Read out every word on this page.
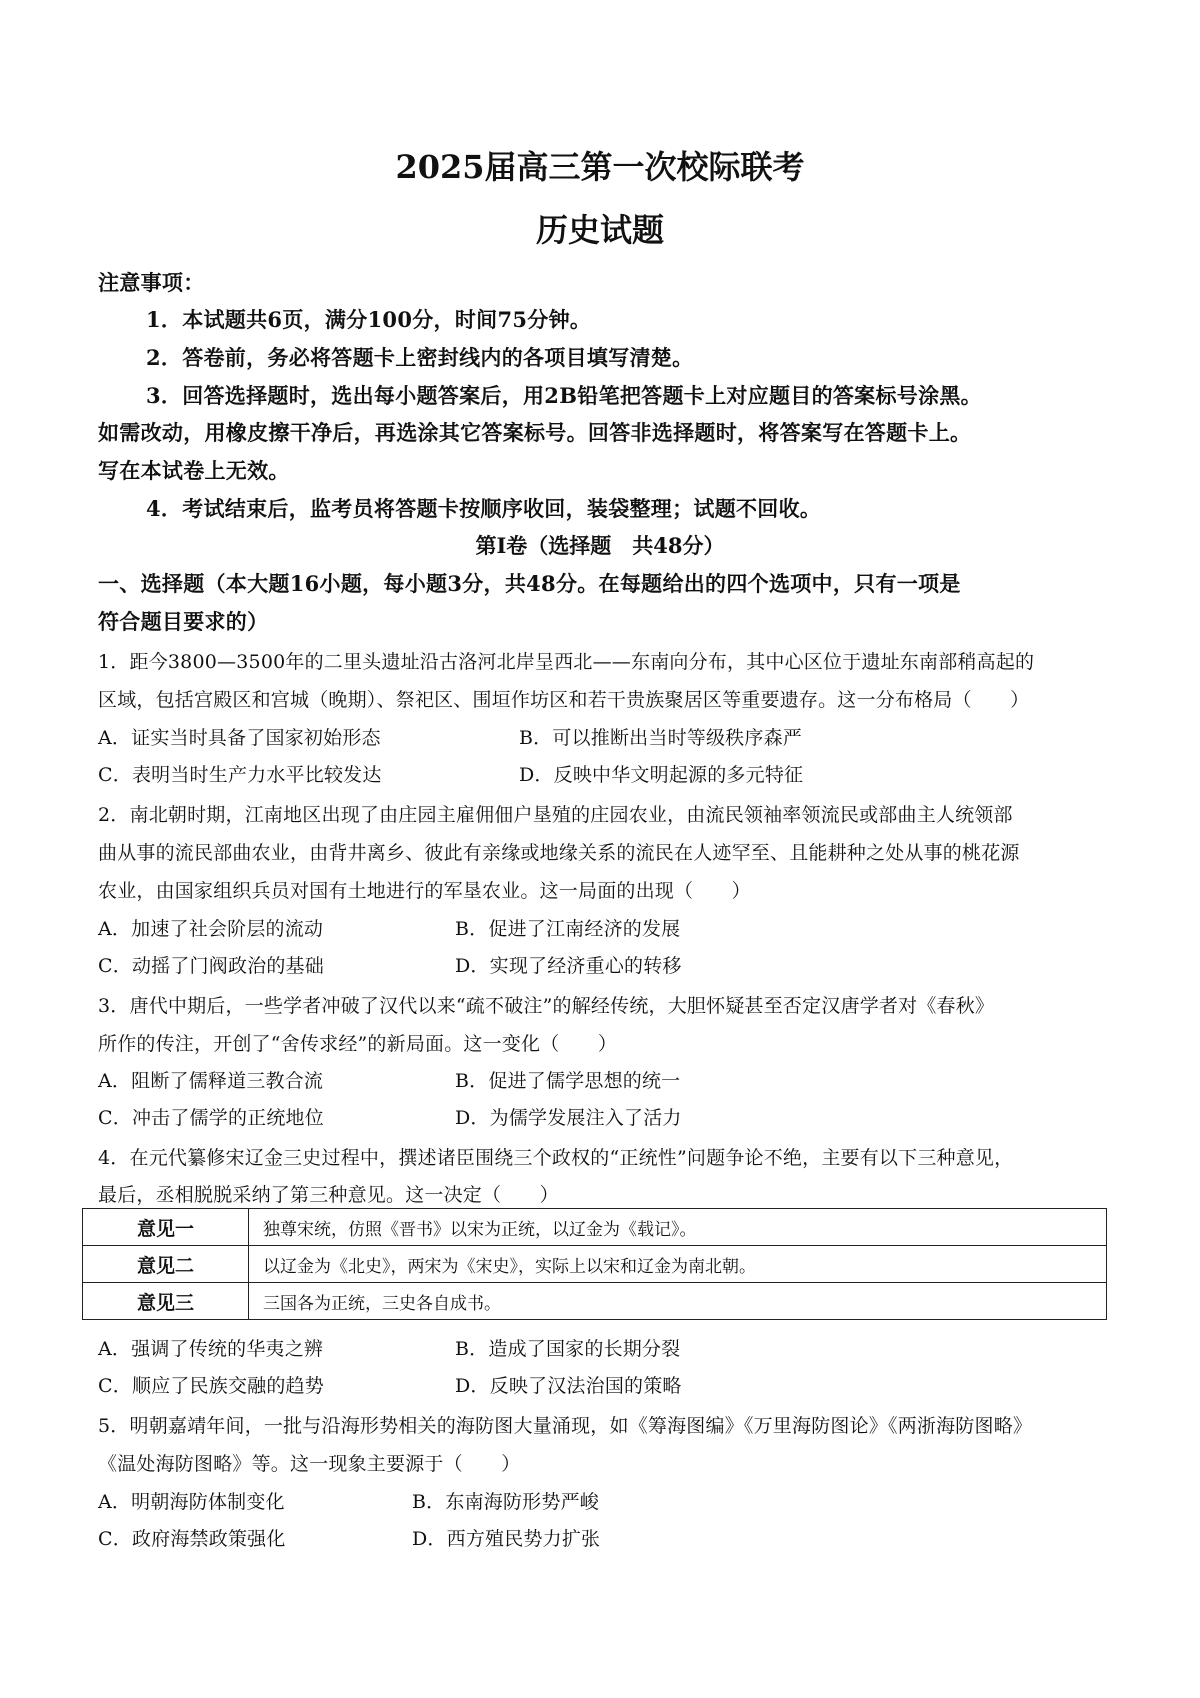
2025届高三第一次校际联考
历史试题
注意事项：
1．本试题共6页，满分100分，时间75分钟。
2．答卷前，务必将答题卡上密封线内的各项目填写清楚。
3．回答选择题时，选出每小题答案后，用2B铅笔把答题卡上对应题目的答案标号涂黑。
如需改动，用橡皮擦干净后，再选涂其它答案标号。回答非选择题时，将答案写在答题卡上。
写在本试卷上无效。
4．考试结束后，监考员将答题卡按顺序收回，装袋整理；试题不回收。
第Ⅰ卷（选择题　共48分）
一、选择题（本大题16小题，每小题3分，共48分。在每题给出的四个选项中，只有一项是
符合题目要求的）
1．距今3800—3500年的二里头遗址沿古洛河北岸呈西北——东南向分布，其中心区位于遗址东南部稍高起的
区域，包括宫殿区和宫城（晚期）、祭祀区、围垣作坊区和若干贵族聚居区等重要遗存。这一分布格局（　　）
A．证实当时具备了国家初始形态	B．可以推断出当时等级秩序森严
C．表明当时生产力水平比较发达	D．反映中华文明起源的多元特征
2．南北朝时期，江南地区出现了由庄园主雇佣佃户垦殖的庄园农业，由流民领袖率领流民或部曲主人统领部
曲从事的流民部曲农业，由背井离乡、彼此有亲缘或地缘关系的流民在人迹罕至、且能耕种之处从事的桃花源
农业，由国家组织兵员对国有土地进行的军垦农业。这一局面的出现（　　）
A．加速了社会阶层的流动	B．促进了江南经济的发展
C．动摇了门阀政治的基础	D．实现了经济重心的转移
3．唐代中期后，一些学者冲破了汉代以来“疏不破注”的解经传统，大胆怀疑甚至否定汉唐学者对《春秋》
所作的传注，开创了“舍传求经”的新局面。这一变化（　　）
A．阻断了儒释道三教合流	B．促进了儒学思想的统一
C．冲击了儒学的正统地位	D．为儒学发展注入了活力
4．在元代纂修宋辽金三史过程中，撰述诸臣围绕三个政权的“正统性”问题争论不绝，主要有以下三种意见，
最后，丞相脱脱采纳了第三种意见。这一决定（　　）
意见一	独尊宋统，仿照《晋书》以宋为正统，以辽金为《载记》。
意见二	以辽金为《北史》，两宋为《宋史》，实际上以宋和辽金为南北朝。
意见三	三国各为正统，三史各自成书。
A．强调了传统的华夷之辨	B．造成了国家的长期分裂
C．顺应了民族交融的趋势	D．反映了汉法治国的策略
5．明朝嘉靖年间，一批与沿海形势相关的海防图大量涌现，如《筹海图编》《万里海防图论》《两浙海防图略》
《温处海防图略》等。这一现象主要源于（　　）
A．明朝海防体制变化	B．东南海防形势严峻
C．政府海禁政策强化	D．西方殖民势力扩张
